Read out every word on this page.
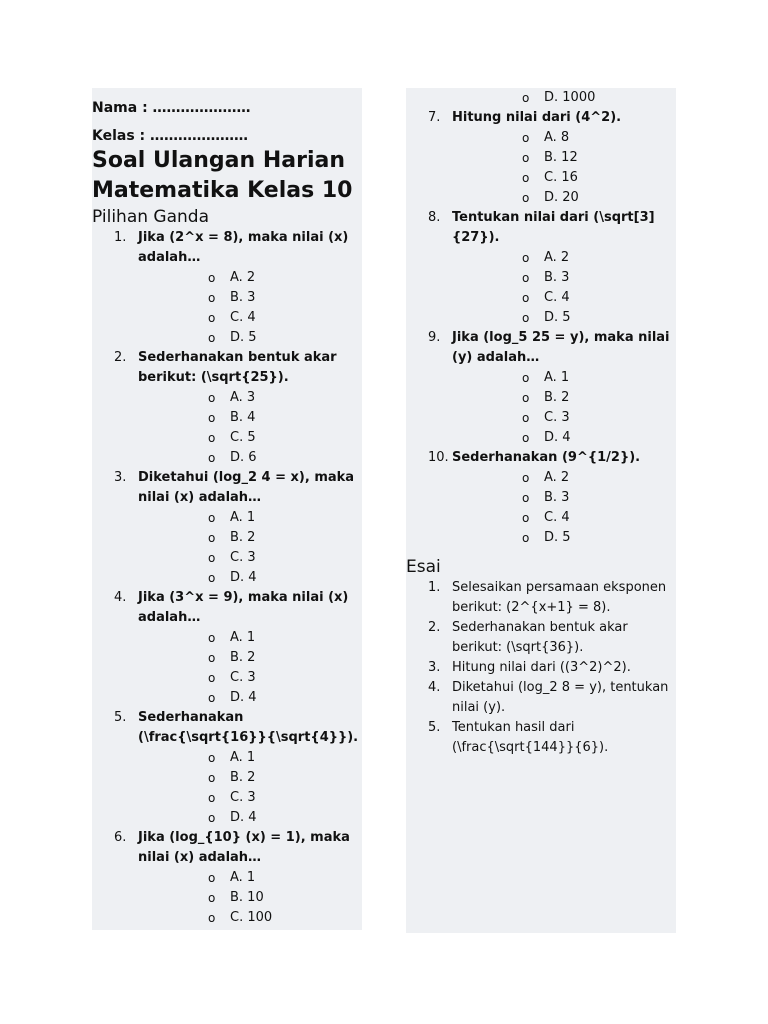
Nama : …………………

Kelas : …………………

Soal Ulangan Harian Matematika Kelas 10
Pilihan Ganda
1. Jika (2^x = 8), maka nilai (x) adalah…
o A. 2
o B. 3
o C. 4
o D. 5
2. Sederhanakan bentuk akar berikut: (\sqrt{25}).
o A. 3
o B. 4
o C. 5
o D. 6
3. Diketahui (log_2 4 = x), maka nilai (x) adalah…
o A. 1
o B. 2
o C. 3
o D. 4
4. Jika (3^x = 9), maka nilai (x) adalah…
o A. 1
o B. 2
o C. 3
o D. 4
5. Sederhanakan (\frac{\sqrt{16}}{\sqrt{4}}).
o A. 1
o B. 2
o C. 3
o D. 4
6. Jika (log_{10} (x) = 1), maka nilai (x) adalah…
o A. 1
o B. 10
o C. 100
o D. 1000
7. Hitung nilai dari (4^2).
o A. 8
o B. 12
o C. 16
o D. 20
8. Tentukan nilai dari (\sqrt[3]{27}).
o A. 2
o B. 3
o C. 4
o D. 5
9. Jika (log_5 25 = y), maka nilai (y) adalah…
o A. 1
o B. 2
o C. 3
o D. 4
10. Sederhanakan (9^{1/2}).
o A. 2
o B. 3
o C. 4
o D. 5
Esai
1. Selesaikan persamaan eksponen berikut: (2^{x+1} = 8).
2. Sederhanakan bentuk akar berikut: (\sqrt{36}).
3. Hitung nilai dari ((3^2)^2).
4. Diketahui (log_2 8 = y), tentukan nilai (y).
5. Tentukan hasil dari (\frac{\sqrt{144}}{6}).
